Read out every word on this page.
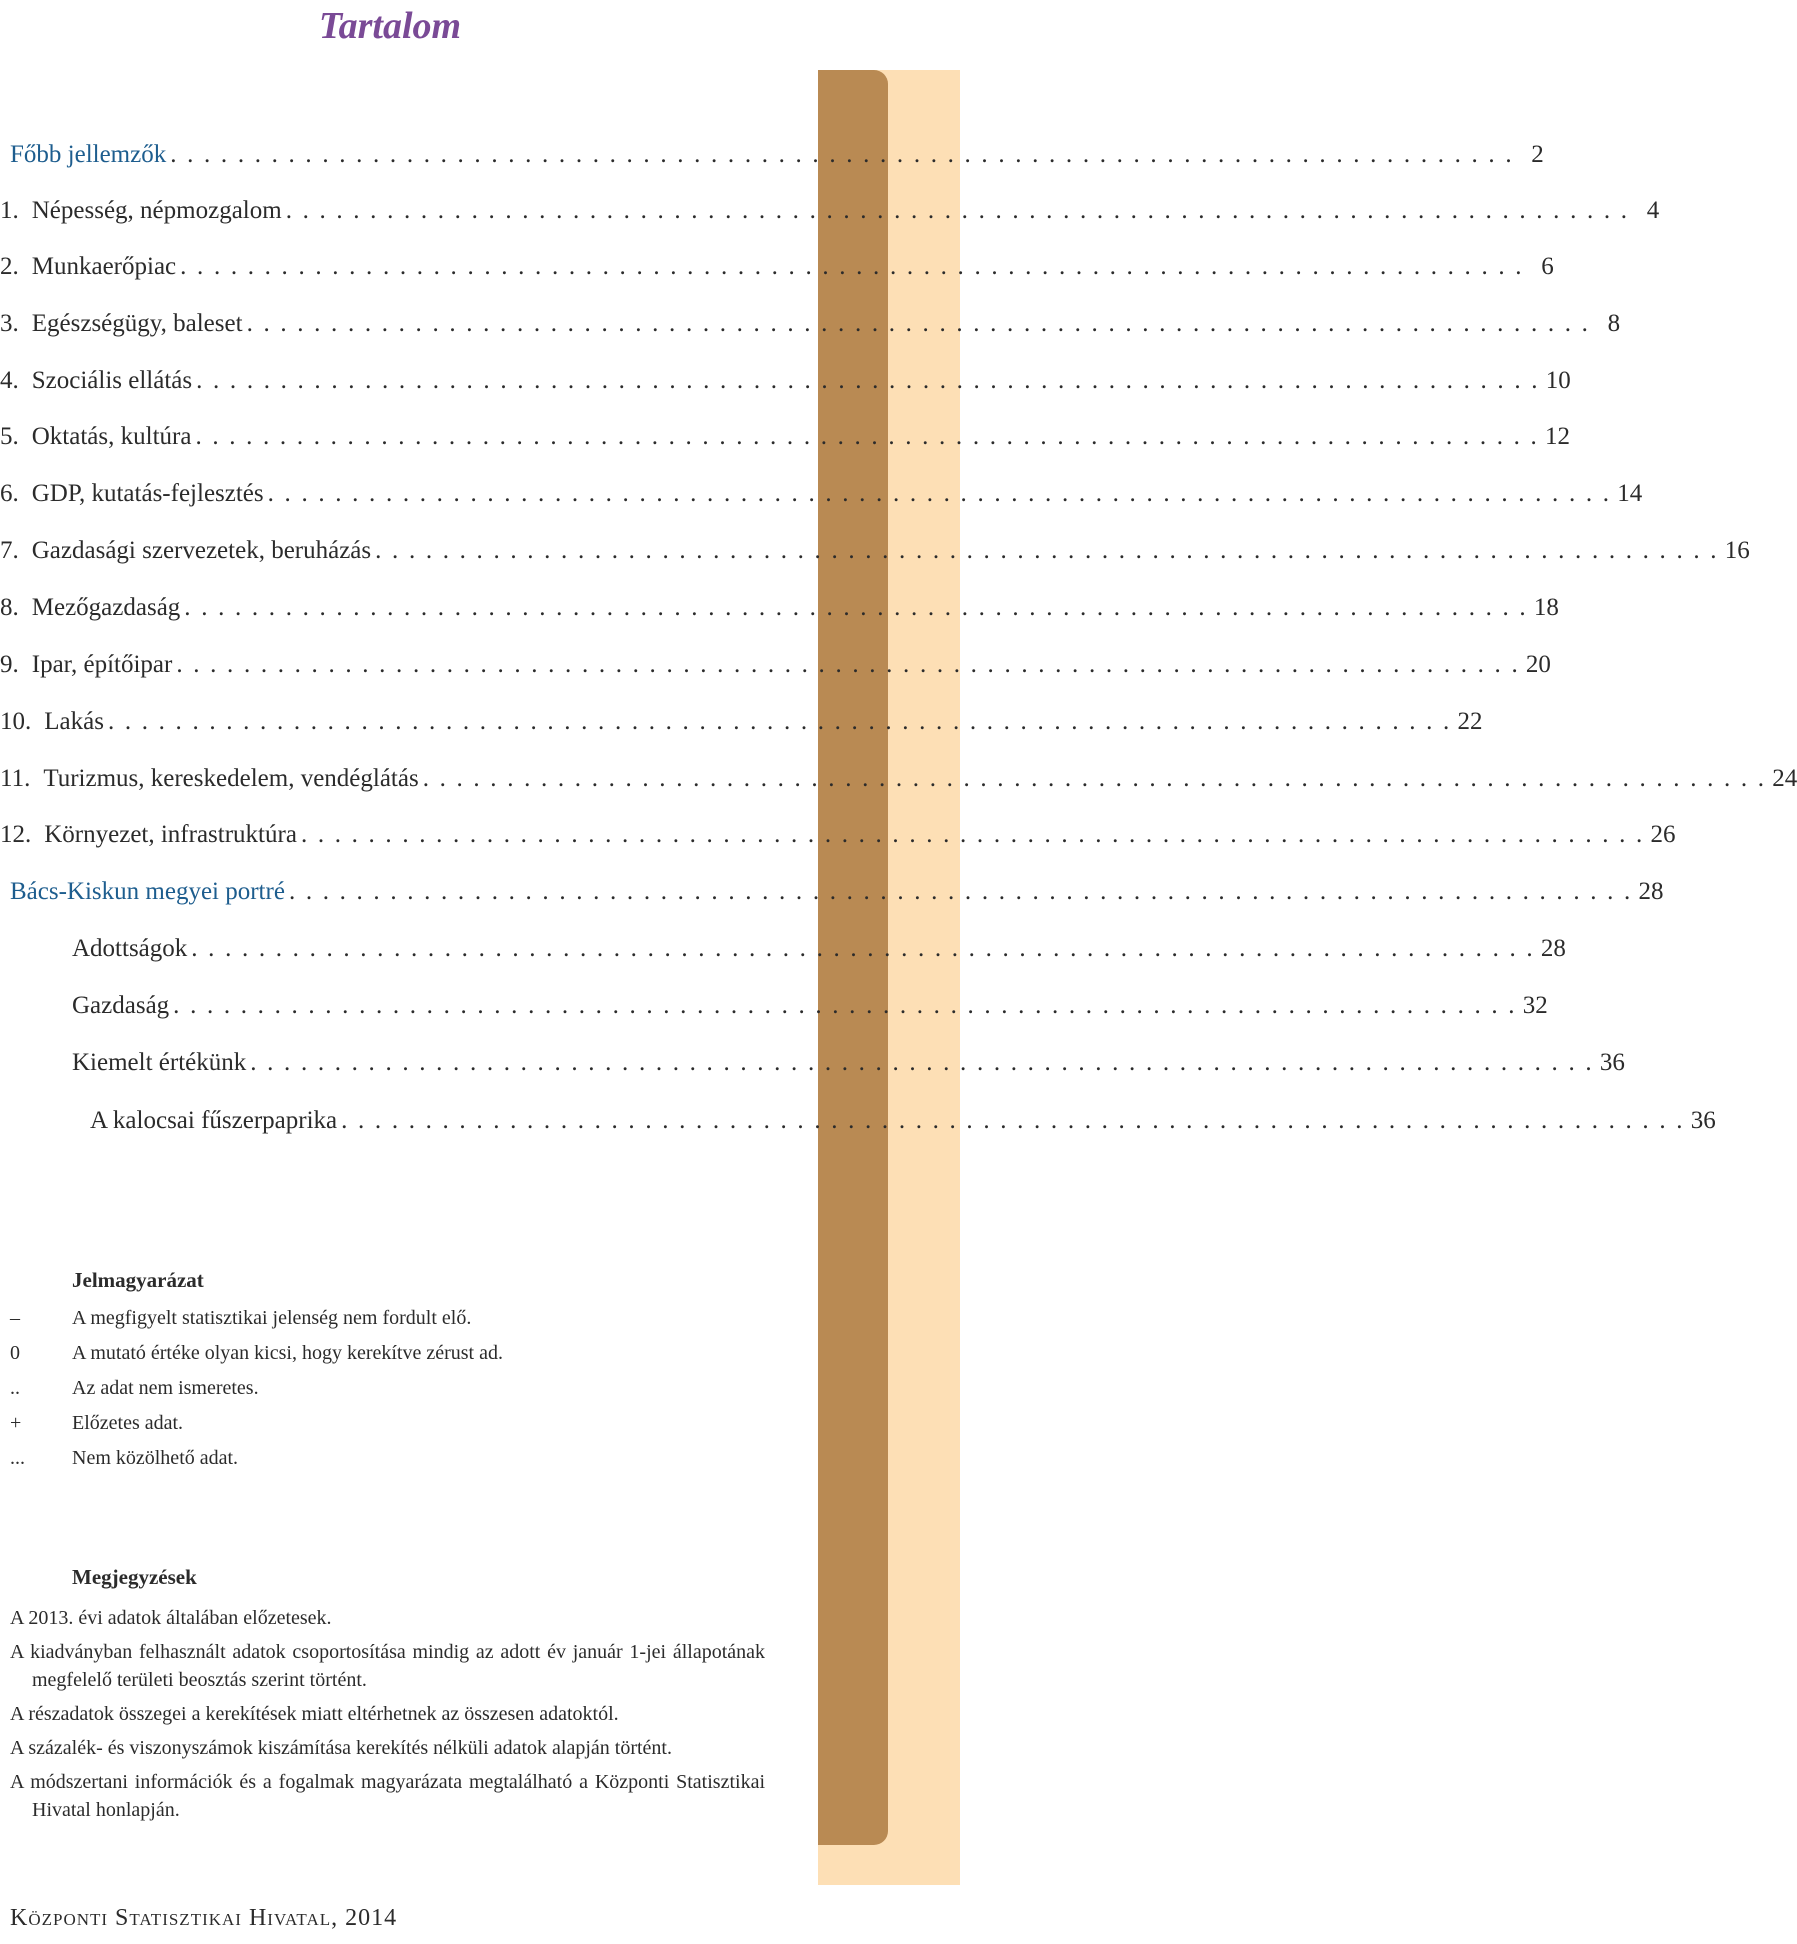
Tartalom
Főbb jellemzők . . . . . . . . . . . . . . . . . . . . . . . . . . . . . . . . . . . . . . . . . . . . . . . . . . . . . . . . . . . . . . . . . . . . . . . . . . . . . . . . 2
1. Népesség, népmozgalom . . . . . . . . . . . . . . . . . . . . . . . . . . . . . . . . . . . . . . . . . . . . . . . . . . . . . . . . . . . . . . . . . . . . . . . . . . . . . . . . 4
2. Munkaerőpiac . . . . . . . . . . . . . . . . . . . . . . . . . . . . . . . . . . . . . . . . . . . . . . . . . . . . . . . . . . . . . . . . . . . . . . . . . . . . . . . . 6
3. Egészségügy, baleset . . . . . . . . . . . . . . . . . . . . . . . . . . . . . . . . . . . . . . . . . . . . . . . . . . . . . . . . . . . . . . . . . . . . . . . . . . . . . . . . 8
4. Szociális ellátás . . . . . . . . . . . . . . . . . . . . . . . . . . . . . . . . . . . . . . . . . . . . . . . . . . . . . . . . . . . . . . . . . . . . . . . . . . . . . . . . 10
5. Oktatás, kultúra . . . . . . . . . . . . . . . . . . . . . . . . . . . . . . . . . . . . . . . . . . . . . . . . . . . . . . . . . . . . . . . . . . . . . . . . . . . . . . . . 12
6. GDP, kutatás-fejlesztés . . . . . . . . . . . . . . . . . . . . . . . . . . . . . . . . . . . . . . . . . . . . . . . . . . . . . . . . . . . . . . . . . . . . . . . . . . . . . . . . 14
7. Gazdasági szervezetek, beruházás . . . . . . . . . . . . . . . . . . . . . . . . . . . . . . . . . . . . . . . . . . . . . . . . . . . . . . . . . . . . . . . . . . . . . . . . . . . . . . . . 16
8. Mezőgazdaság . . . . . . . . . . . . . . . . . . . . . . . . . . . . . . . . . . . . . . . . . . . . . . . . . . . . . . . . . . . . . . . . . . . . . . . . . . . . . . . . 18
9. Ipar, építőipar . . . . . . . . . . . . . . . . . . . . . . . . . . . . . . . . . . . . . . . . . . . . . . . . . . . . . . . . . . . . . . . . . . . . . . . . . . . . . . . . 20
10. Lakás . . . . . . . . . . . . . . . . . . . . . . . . . . . . . . . . . . . . . . . . . . . . . . . . . . . . . . . . . . . . . . . . . . . . . . . . . . . . . . . . 22
11. Turizmus, kereskedelem, vendéglátás . . . . . . . . . . . . . . . . . . . . . . . . . . . . . . . . . . . . . . . . . . . . . . . . . . . . . . . . . . . . . . . . . . . . . . . . . . . . . . . . 24
12. Környezet, infrastruktúra . . . . . . . . . . . . . . . . . . . . . . . . . . . . . . . . . . . . . . . . . . . . . . . . . . . . . . . . . . . . . . . . . . . . . . . . . . . . . . . . 26
Bács-Kiskun megyei portré . . . . . . . . . . . . . . . . . . . . . . . . . . . . . . . . . . . . . . . . . . . . . . . . . . . . . . . . . . . . . . . . . . . . . . . . . . . . . . . . 28
Adottságok . . . . . . . . . . . . . . . . . . . . . . . . . . . . . . . . . . . . . . . . . . . . . . . . . . . . . . . . . . . . . . . . . . . . . . . . . . . . . . . . 28
Gazdaság . . . . . . . . . . . . . . . . . . . . . . . . . . . . . . . . . . . . . . . . . . . . . . . . . . . . . . . . . . . . . . . . . . . . . . . . . . . . . . . . 32
Kiemelt értékünk . . . . . . . . . . . . . . . . . . . . . . . . . . . . . . . . . . . . . . . . . . . . . . . . . . . . . . . . . . . . . . . . . . . . . . . . . . . . . . . . 36
A kalocsai fűszerpaprika . . . . . . . . . . . . . . . . . . . . . . . . . . . . . . . . . . . . . . . . . . . . . . . . . . . . . . . . . . . . . . . . . . . . . . . . . . . . . . . . 36
Jelmagyarázat
–	A megfigyelt statisztikai jelenség nem fordult elő.
0	A mutató értéke olyan kicsi, hogy kerekítve zérust ad.
..	Az adat nem ismeretes.
+	Előzetes adat.
... Nem közölhető adat.
Megjegyzések

A 2013. évi adatok általában előzetesek.

A kiadványban felhasznált adatok csoportosítása mindig az adott év január 1-jei állapotának megfelelő területi beosztás szerint történt.

A részadatok összegei a kerekítések miatt eltérhetnek az összesen adatoktól.

A százalék- és viszonyszámok kiszámítása kerekítés nélküli adatok alapján történt.

A módszertani információk és a fogalmak magyarázata megtalálható a Központi Statisztikai Hivatal honlapján.

Központi Statisztikai Hivatal, 2014
